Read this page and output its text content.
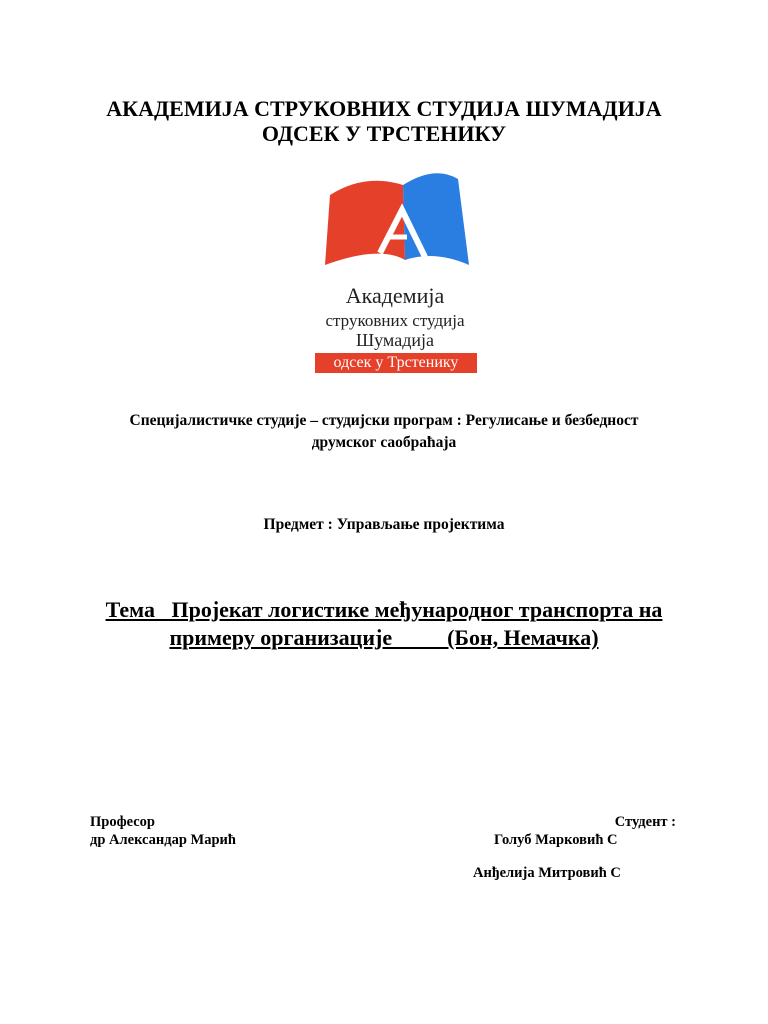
АКАДЕМИЈА СТРУКОВНИХ СТУДИЈА ШУМАДИЈА
ОДСЕК У ТРСТЕНИКУ
Академија
струковних студија
Шумадија
одсек у Трстенику
Специјалистичке студије – студијски програм : Регулисање и безбедност
друмског саобраћаја
Предмет : Управљање пројектима
Тема   Пројекат логистике међународног транспорта на
примеру организације          (Бон, Немачка)
Професор
др Александар Марић
Студент :
Голуб Марковић С
Анђелија Митровић С
